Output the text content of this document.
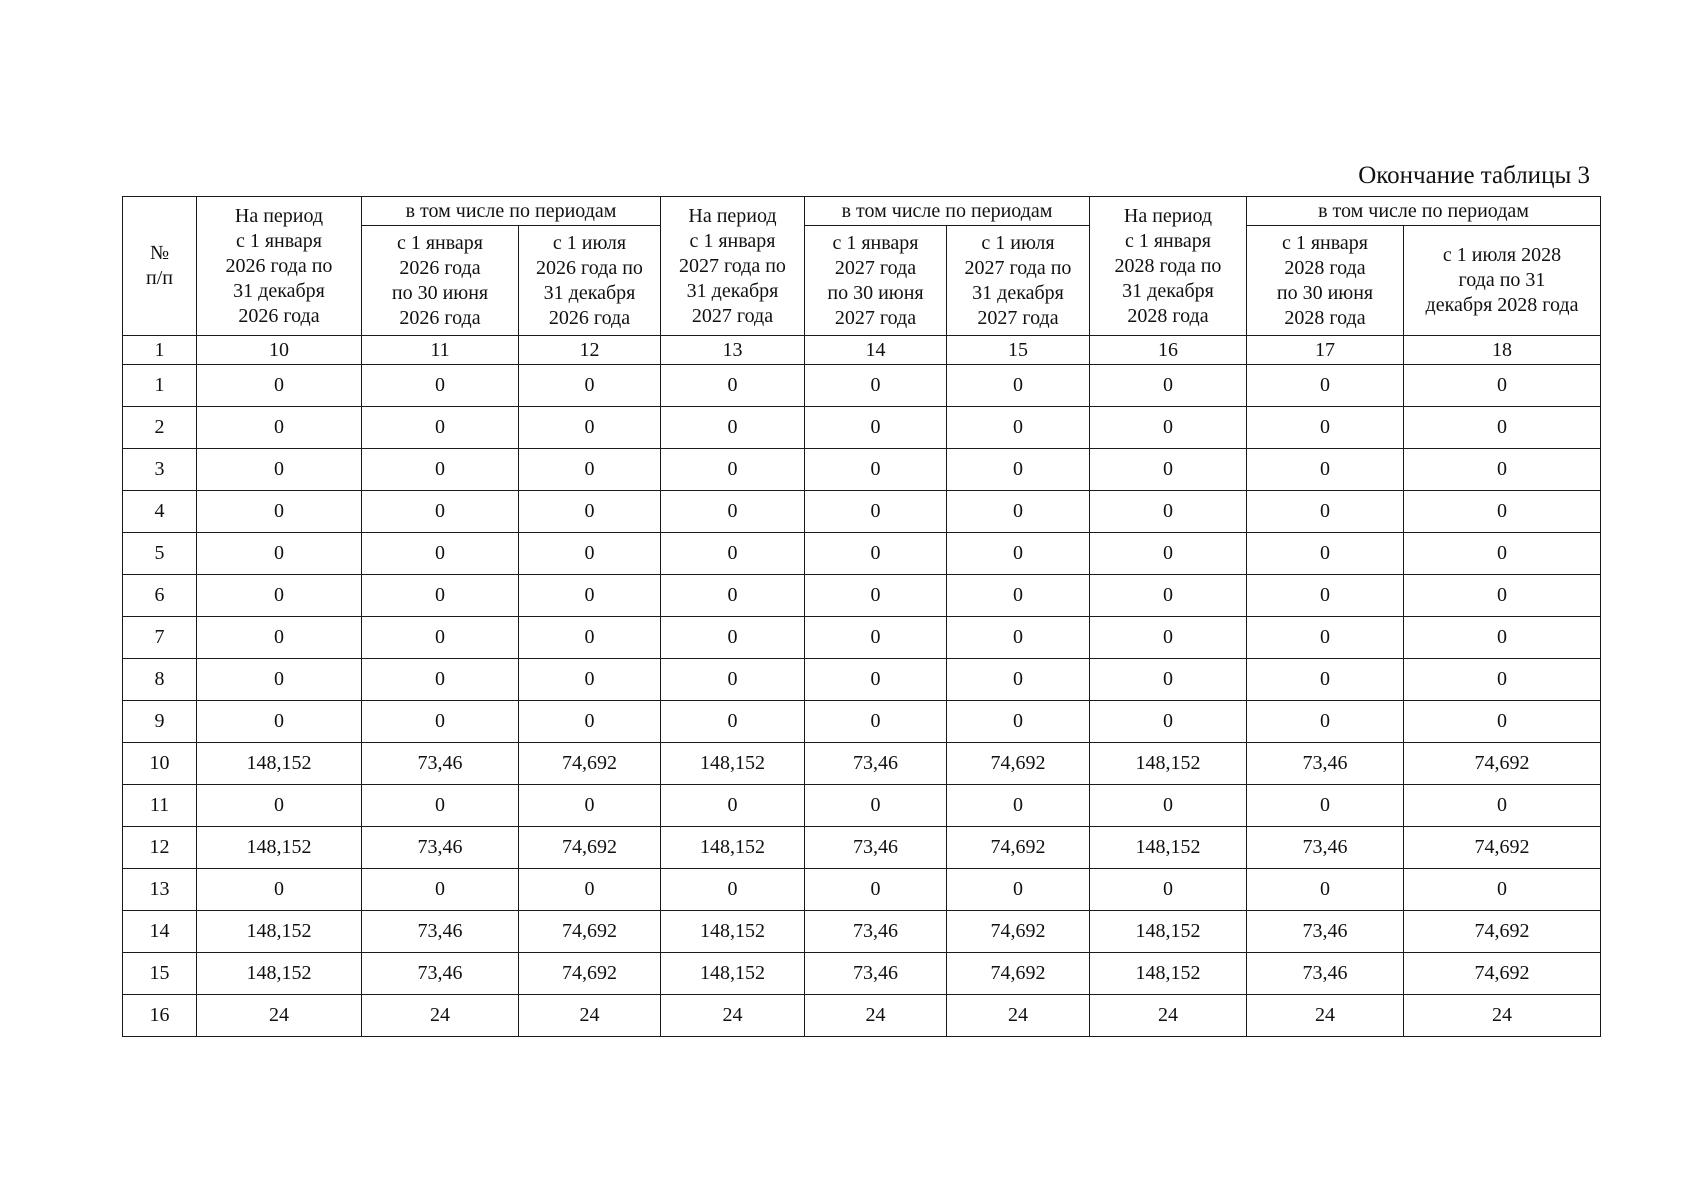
Окончание таблицы 3
№
п/п	На период
с 1 января
2026 года по
31 декабря
2026 года	в том числе по периодам		На период
с 1 января
2027 года по
31 декабря
2027 года	в том числе по периодам		На период
с 1 января
2028 года по
31 декабря
2028 года	в том числе по периодам	
		с 1 января
2026 года
по 30 июня
2026 года	с 1 июля
2026 года по
31 декабря
2026 года		с 1 января
2027 года
по 30 июня
2027 года	с 1 июля
2027 года по
31 декабря
2027 года		с 1 января
2028 года
по 30 июня
2028 года	с 1 июля 2028
года по 31
декабря 2028 года
1	10	11	12	13	14	15	16	17	18
1	0	0	0	0	0	0	0	0	0
2	0	0	0	0	0	0	0	0	0
3	0	0	0	0	0	0	0	0	0
4	0	0	0	0	0	0	0	0	0
5	0	0	0	0	0	0	0	0	0
6	0	0	0	0	0	0	0	0	0
7	0	0	0	0	0	0	0	0	0
8	0	0	0	0	0	0	0	0	0
9	0	0	0	0	0	0	0	0	0
10	148,152	73,46	74,692	148,152	73,46	74,692	148,152	73,46	74,692
11	0	0	0	0	0	0	0	0	0
12	148,152	73,46	74,692	148,152	73,46	74,692	148,152	73,46	74,692
13	0	0	0	0	0	0	0	0	0
14	148,152	73,46	74,692	148,152	73,46	74,692	148,152	73,46	74,692
15	148,152	73,46	74,692	148,152	73,46	74,692	148,152	73,46	74,692
16	24	24	24	24	24	24	24	24	24
